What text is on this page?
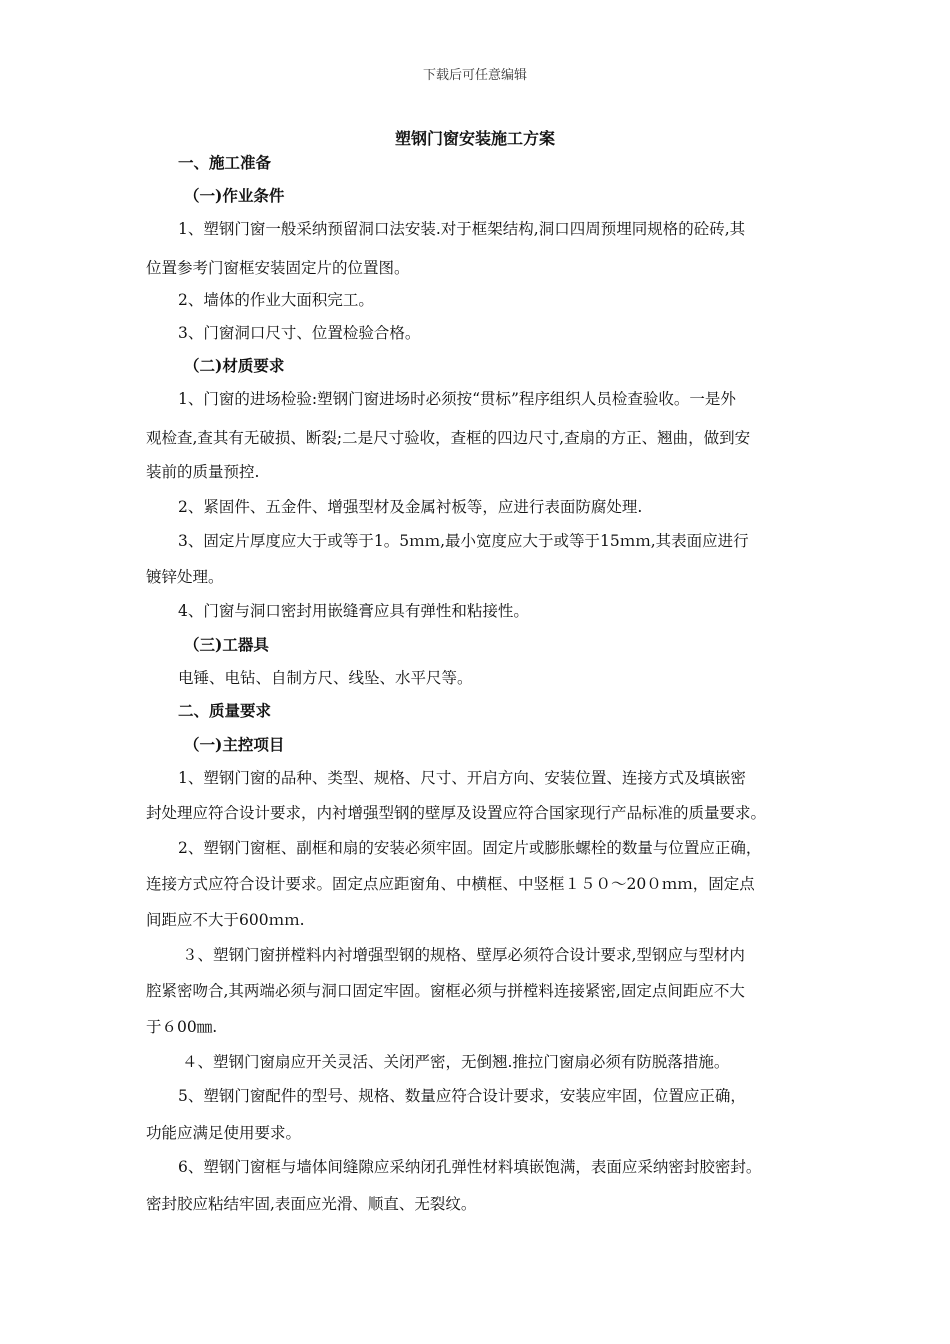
下载后可任意编辑
塑钢门窗安装施工方案
一、施工准备
（一)作业条件
1、塑钢门窗一般采纳预留洞口法安装.对于框架结构,洞口四周预埋同规格的砼砖,其
位置参考门窗框安装固定片的位置图。
2、墙体的作业大面积完工。
3、门窗洞口尺寸、位置检验合格。
（二)材质要求
1、门窗的进场检验:塑钢门窗进场时必须按“贯标”程序组织人员检查验收。一是外
观检查,查其有无破损、断裂;二是尺寸验收，查框的四边尺寸,查扇的方正、翘曲，做到安
装前的质量预控.
2、紧固件、五金件、增强型材及金属衬板等，应进行表面防腐处理.
3、固定片厚度应大于或等于1。5ｍｍ,最小宽度应大于或等于15ｍｍ,其表面应进行
镀锌处理。
4、门窗与洞口密封用嵌缝膏应具有弹性和粘接性。
（三)工器具
电锤、电钻、自制方尺、线坠、水平尺等。
二、质量要求
（一)主控项目
1、塑钢门窗的品种、类型、规格、尺寸、开启方向、安装位置、连接方式及填嵌密
封处理应符合设计要求，内衬增强型钢的壁厚及设置应符合国家现行产品标准的质量要求。
2、塑钢门窗框、副框和扇的安装必须牢固。固定片或膨胀螺栓的数量与位置应正确，
连接方式应符合设计要求。固定点应距窗角、中横框、中竖框１５０～20０ｍｍ，固定点
间距应不大于600ｍｍ.
３、塑钢门窗拼樘料内衬增强型钢的规格、壁厚必须符合设计要求,型钢应与型材内
腔紧密吻合,其两端必须与洞口固定牢固。窗框必须与拼樘料连接紧密,固定点间距应不大
于６00㎜.
４、塑钢门窗扇应开关灵活、关闭严密，无倒翘.推拉门窗扇必须有防脱落措施。
5、塑钢门窗配件的型号、规格、数量应符合设计要求，安装应牢固，位置应正确，
功能应满足使用要求。
6、塑钢门窗框与墙体间缝隙应采纳闭孔弹性材料填嵌饱满，表面应采纳密封胶密封。
密封胶应粘结牢固,表面应光滑、顺直、无裂纹。
